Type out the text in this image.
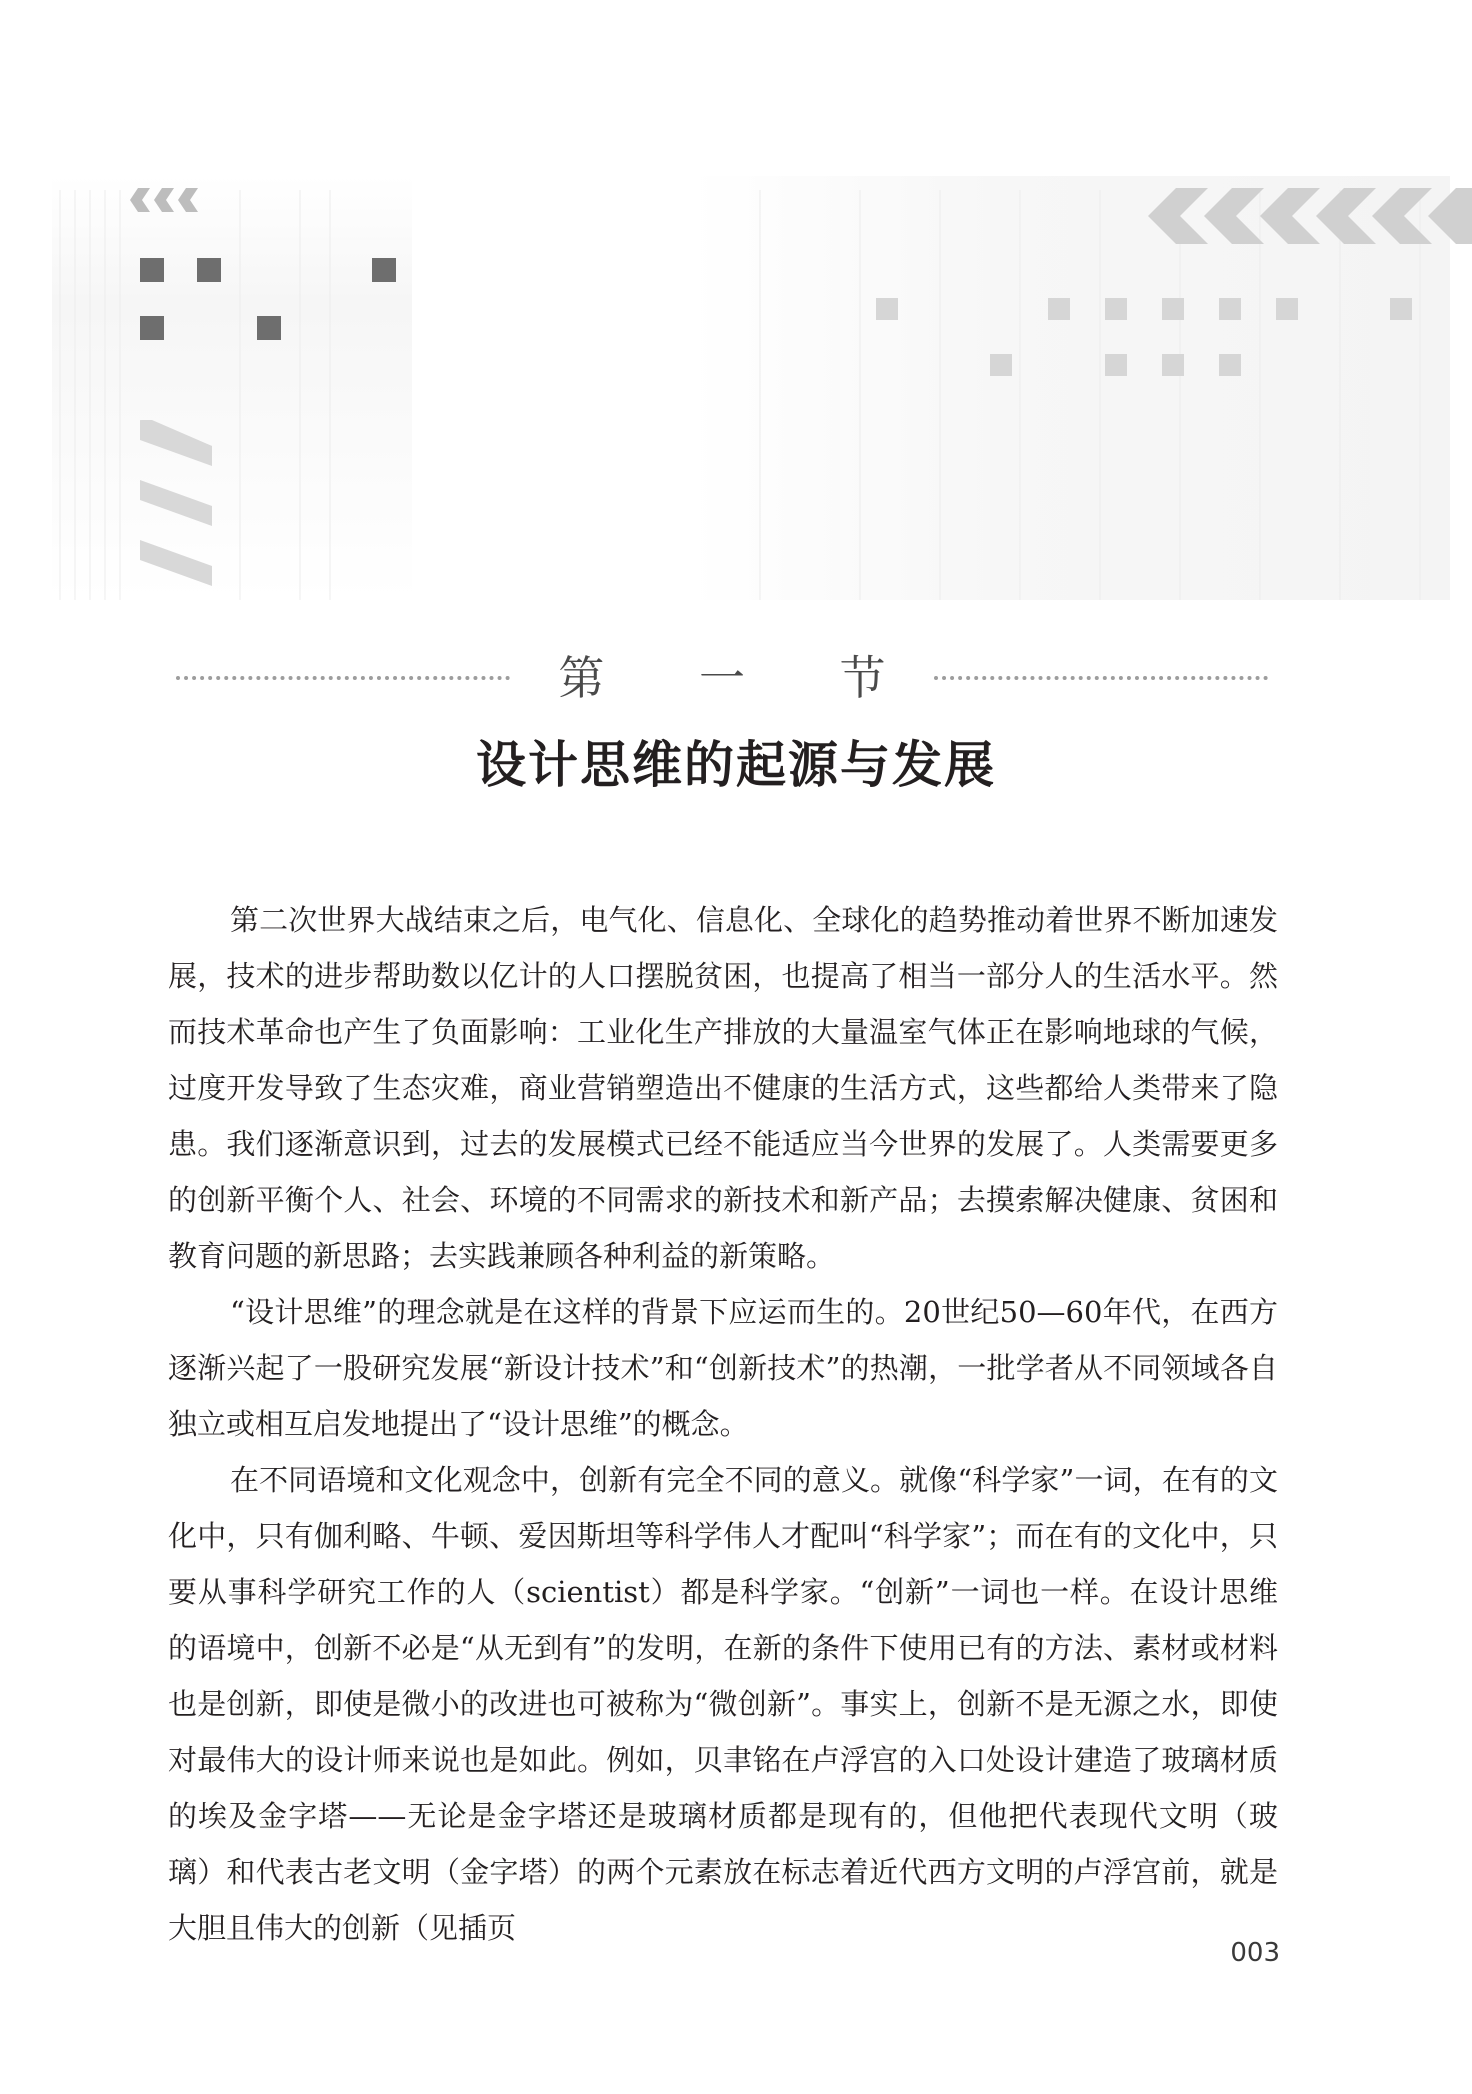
第 一 节
设计思维的起源与发展

第二次世界大战结束之后，电气化、信息化、全球化的趋势推动着世界不断加速发展，技术的进步帮助数以亿计的人口摆脱贫困，也提高了相当一部分人的生活水平。然而技术革命也产生了负面影响：工业化生产排放的大量温室气体正在影响地球的气候，过度开发导致了生态灾难，商业营销塑造出不健康的生活方式，这些都给人类带来了隐患。我们逐渐意识到，过去的发展模式已经不能适应当今世界的发展了。人类需要更多的创新平衡个人、社会、环境的不同需求的新技术和新产品；去摸索解决健康、贫困和教育问题的新思路；去实践兼顾各种利益的新策略。

“设计思维”的理念就是在这样的背景下应运而生的。20世纪50—60年代，在西方逐渐兴起了一股研究发展“新设计技术”和“创新技术”的热潮，一批学者从不同领域各自独立或相互启发地提出了“设计思维”的概念。

在不同语境和文化观念中，创新有完全不同的意义。就像“科学家”一词，在有的文化中，只有伽利略、牛顿、爱因斯坦等科学伟人才配叫“科学家”；而在有的文化中，只要从事科学研究工作的人（scientist）都是科学家。“创新”一词也一样。在设计思维的语境中，创新不必是“从无到有”的发明，在新的条件下使用已有的方法、素材或材料也是创新，即使是微小的改进也可被称为“微创新”。事实上，创新不是无源之水，即使对最伟大的设计师来说也是如此。例如，贝聿铭在卢浮宫的入口处设计建造了玻璃材质的埃及金字塔——无论是金字塔还是玻璃材质都是现有的，但他把代表现代文明（玻璃）和代表古老文明（金字塔）的两个元素放在标志着近代西方文明的卢浮宫前，就是大胆且伟大的创新（见插页

003
